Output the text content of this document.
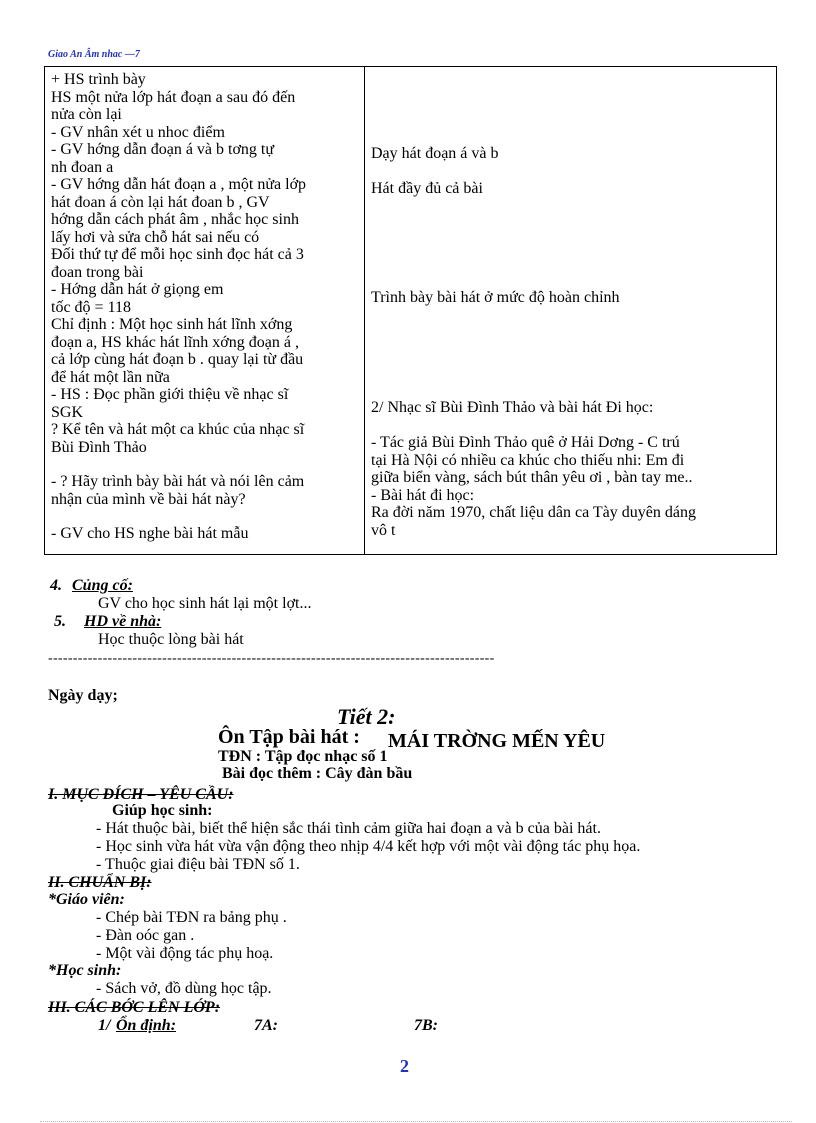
Giao An Âm nhac —7
+ HS trình bày
HS một nửa lớp hát đoạn a sau đó đến
nửa còn lại
- GV nhân xét u nhoc điểm
- GV hớng dẫn đoạn á và b tơng tự
nh đoan a
- GV hớng dẫn hát đoạn a , một nửa lớp
hát đoan á còn lại hát đoan b , GV
hớng dẫn cách phát âm , nhắc học sinh
lấy hơi và sửa chỗ hát sai nếu có
Đối thứ tự để mỗi học sinh đọc hát cả 3
đoan trong bài
- Hớng dẫn hát ở giọng em
tốc độ = 118
Chỉ định : Một học sinh hát lĩnh xớng
đoạn a, HS khác hát lĩnh xớng đoạn á ,
cả lớp cùng hát đoạn b . quay lại từ đầu
để hát một lần nữa
- HS : Đọc phần giới thiệu về nhạc sĩ
SGK
? Kể tên và hát một ca khúc của nhạc sĩ
Bùi Đình Thảo
- ? Hãy trình bày bài hát và nói lên cảm
nhận của mình về bài hát này?
- GV cho HS nghe bài hát mẫu
Dạy hát đoạn á và b
Hát đầy đủ cả bài
Trình bày bài hát ở mức độ hoàn chỉnh
2/ Nhạc sĩ Bùi Đình Thảo và bài hát Đi học:
- Tác giả Bùi Đình Thảo quê ở Hải Dơng - C trú
tại Hà Nội có nhiều ca khúc cho thiếu nhi: Em đi
giữa biển vàng, sách bút thân yêu ơi , bàn tay me..
- Bài hát đi học:
Ra đời năm 1970, chất liệu dân ca Tày duyên dáng
vô t
4. Củng cố:
GV cho học sinh hát lại một lợt...
5. HD về nhà:
Học thuộc lòng bài hát
------------------------------------------------------------------------------------------
Ngày dạy;
Tiết 2:
Ôn Tập bài hát : MÁI TRỜNG MẾN YÊU
TĐN : Tập đọc nhạc số 1
Bài đọc thêm : Cây đàn bầu
I. MỤC ĐÍCH – YÊU CẦU:
Giúp học sinh:
- Hát thuộc bài, biết thể hiện sắc thái tình cảm giữa hai đoạn a và b của bài hát.
- Học sinh vừa hát vừa vận động theo nhịp 4/4 kết hợp với một vài động tác phụ họa.
- Thuộc giai điệu bài TĐN số 1.
II. CHUẨN BỊ:
*Giáo viên:
- Chép bài TĐN ra bảng phụ .
- Đàn oóc gan .
- Một vài động tác phụ hoạ.
*Học sinh:
- Sách vở, đồ dùng học tập.
III. CÁC BỚC LÊN LỚP:
1/ Ổn định:	7A:	7B:
2
